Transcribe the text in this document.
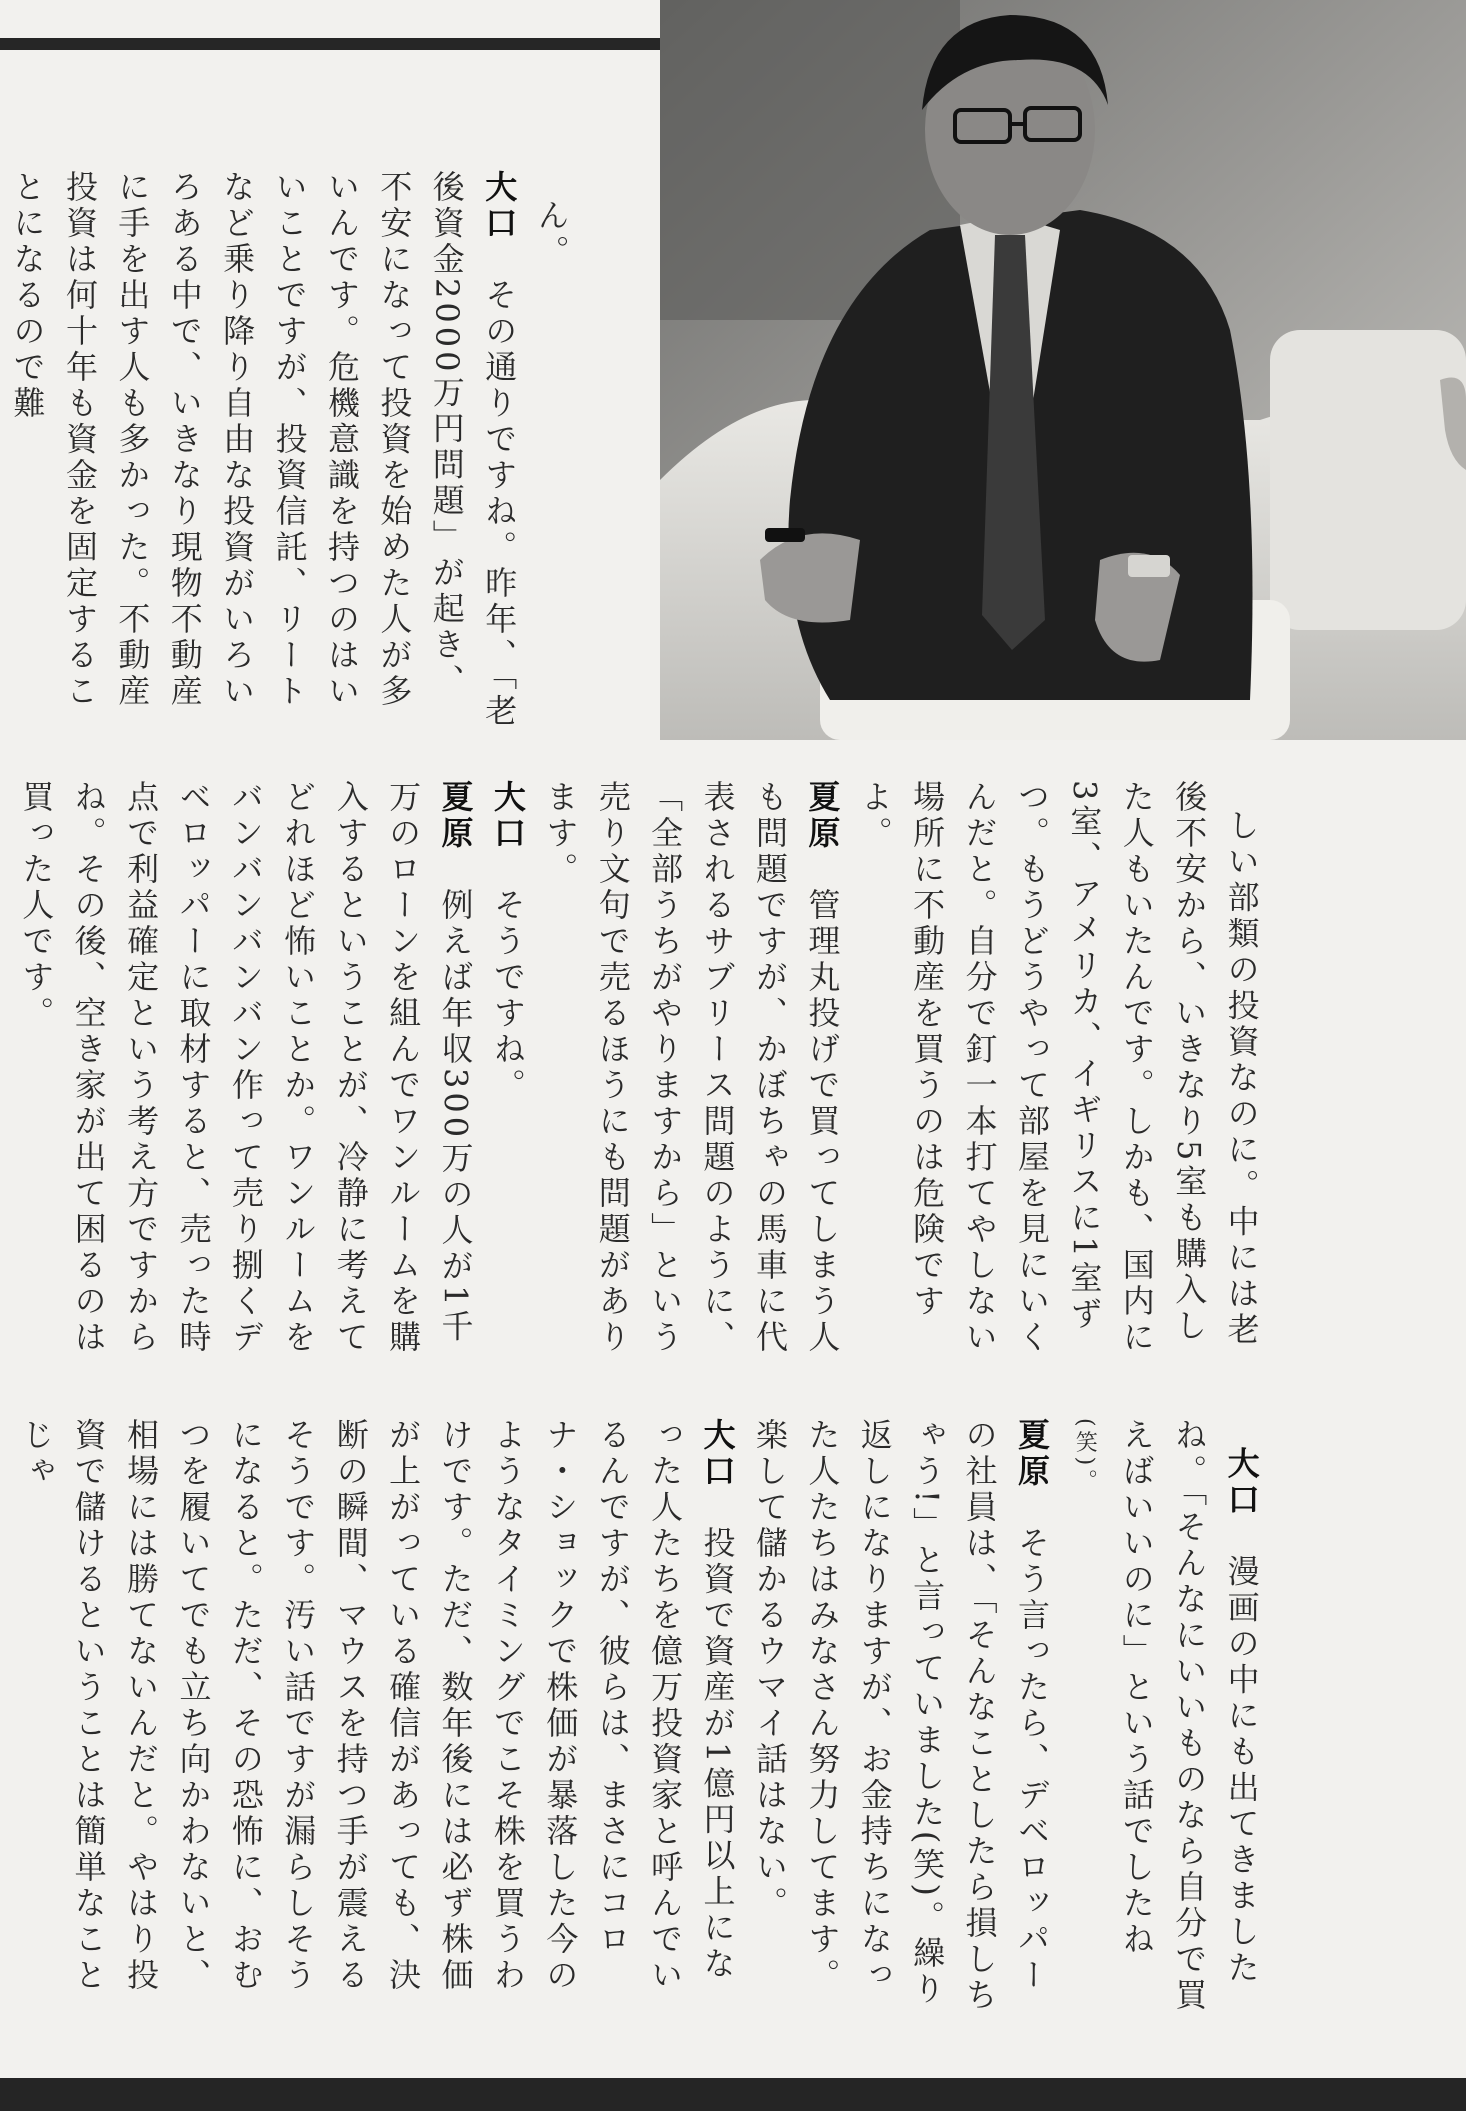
ん。
大口　その通りですね。昨年、「老後資金2000万円問題」が起き、不安になって投資を始めた人が多いんです。危機意識を持つのはいいことですが、投資信託、リートなど乗り降り自由な投資がいろいろある中で、いきなり現物不動産に手を出す人も多かった。不動産投資は何十年も資金を固定することになるので難

しい部類の投資なのに。中には老後不安から、いきなり5室も購入した人もいたんです。しかも、国内に3室、アメリカ、イギリスに1室ずつ。もうどうやって部屋を見にいくんだと。自分で釘一本打てやしない場所に不動産を買うのは危険ですよ。
夏原　管理丸投げで買ってしまう人も問題ですが、かぼちゃの馬車に代表されるサブリース問題のように、「全部うちがやりますから」という売り文句で売るほうにも問題があります。
大口　そうですね。
夏原　例えば年収300万の人が1千万のローンを組んでワンルームを購入するということが、冷静に考えてどれほど怖いことか。ワンルームをバンバンバンバン作って売り捌くデベロッパーに取材すると、売った時点で利益確定という考え方ですからね。その後、空き家が出て困るのは買った人です。

大口　漫画の中にも出てきましたね。「そんなにいいものなら自分で買えばいいのに」という話でしたね
(笑)。
夏原　そう言ったら、デベロッパーの社員は、「そんなことしたら損しちゃう!」と言っていました(笑)。繰り返しになりますが、お金持ちになった人たちはみなさん努力してます。楽して儲かるウマイ話はない。
大口　投資で資産が1億円以上になった人たちを億万投資家と呼んでいるんですが、彼らは、まさにコロナ・ショックで株価が暴落した今のようなタイミングでこそ株を買うわけです。ただ、数年後には必ず株価が上がっている確信があっても、決断の瞬間、マウスを持つ手が震えるそうです。汚い話ですが漏らしそうになると。ただ、その恐怖に、おむつを履いてでも立ち向かわないと、相場には勝てないんだと。やはり投資で儲けるということは簡単なことじゃ
